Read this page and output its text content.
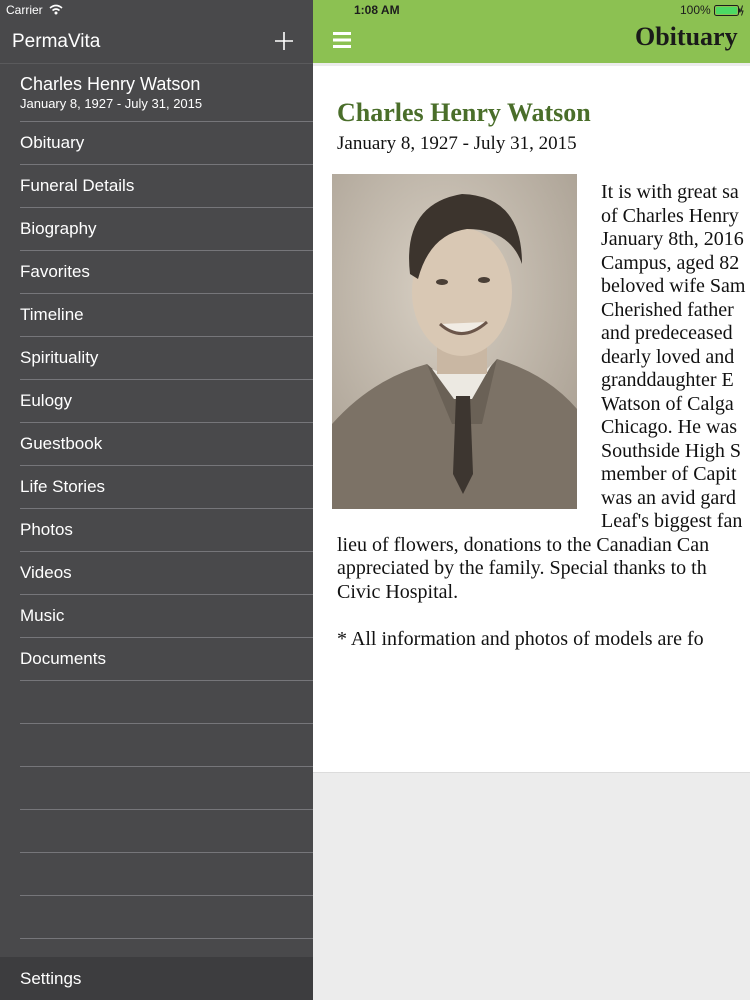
Carrier
PermaVita
Charles Henry Watson
January 8, 1927 - July 31, 2015
Obituary
Funeral Details
Biography
Favorites
Timeline
Spirituality
Eulogy
Guestbook
Life Stories
Photos
Videos
Music
Documents
Settings
1:08 AM	100%
Obituary
Charles Henry Watson
January 8, 1927 - July 31, 2015
It is with great sa
of Charles Henry
January 8th, 2016
Campus, aged 82
beloved wife Sam
Cherished father
and predeceased
dearly loved and
granddaughter E
Watson of Calga
Chicago. He was
Southside High S
member of Capit
was an avid gard
Leaf's biggest fan
lieu of flowers, donations to the Canadian Can
appreciated by the family. Special thanks to th
Civic Hospital.
* All information and photos of models are fo
